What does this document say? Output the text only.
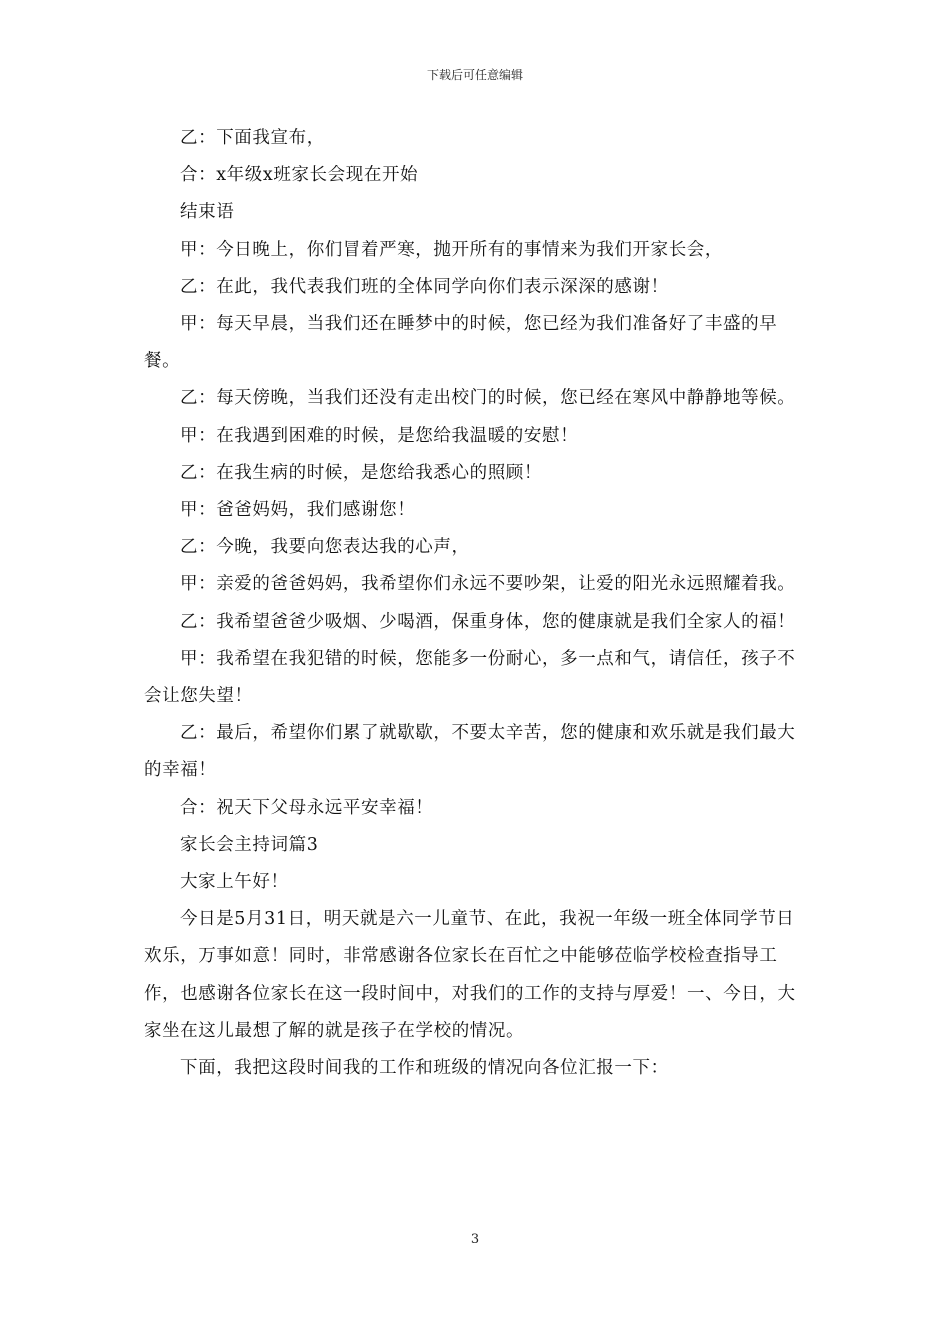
下载后可任意编辑

乙：下面我宣布，

合：x年级x班家长会现在开始

结束语

甲：今日晚上，你们冒着严寒，抛开所有的事情来为我们开家长会，

乙：在此，我代表我们班的全体同学向你们表示深深的感谢！

甲：每天早晨，当我们还在睡梦中的时候，您已经为我们准备好了丰盛的早餐。

乙：每天傍晚，当我们还没有走出校门的时候，您已经在寒风中静静地等候。

甲：在我遇到困难的时候，是您给我温暖的安慰！

乙：在我生病的时候，是您给我悉心的照顾！

甲：爸爸妈妈，我们感谢您！

乙：今晚，我要向您表达我的心声，

甲：亲爱的爸爸妈妈，我希望你们永远不要吵架，让爱的阳光永远照耀着我。

乙：我希望爸爸少吸烟、少喝酒，保重身体，您的健康就是我们全家人的福！

甲：我希望在我犯错的时候，您能多一份耐心，多一点和气，请信任，孩子不会让您失望！

乙：最后，希望你们累了就歇歇，不要太辛苦，您的健康和欢乐就是我们最大的幸福！

合：祝天下父母永远平安幸福！

家长会主持词篇3

大家上午好！

今日是5月31日，明天就是六一儿童节、在此，我祝一年级一班全体同学节日欢乐，万事如意！同时，非常感谢各位家长在百忙之中能够莅临学校检查指导工作，也感谢各位家长在这一段时间中，对我们的工作的支持与厚爱！一、今日，大家坐在这儿最想了解的就是孩子在学校的情况。

下面，我把这段时间我的工作和班级的情况向各位汇报一下：

3
